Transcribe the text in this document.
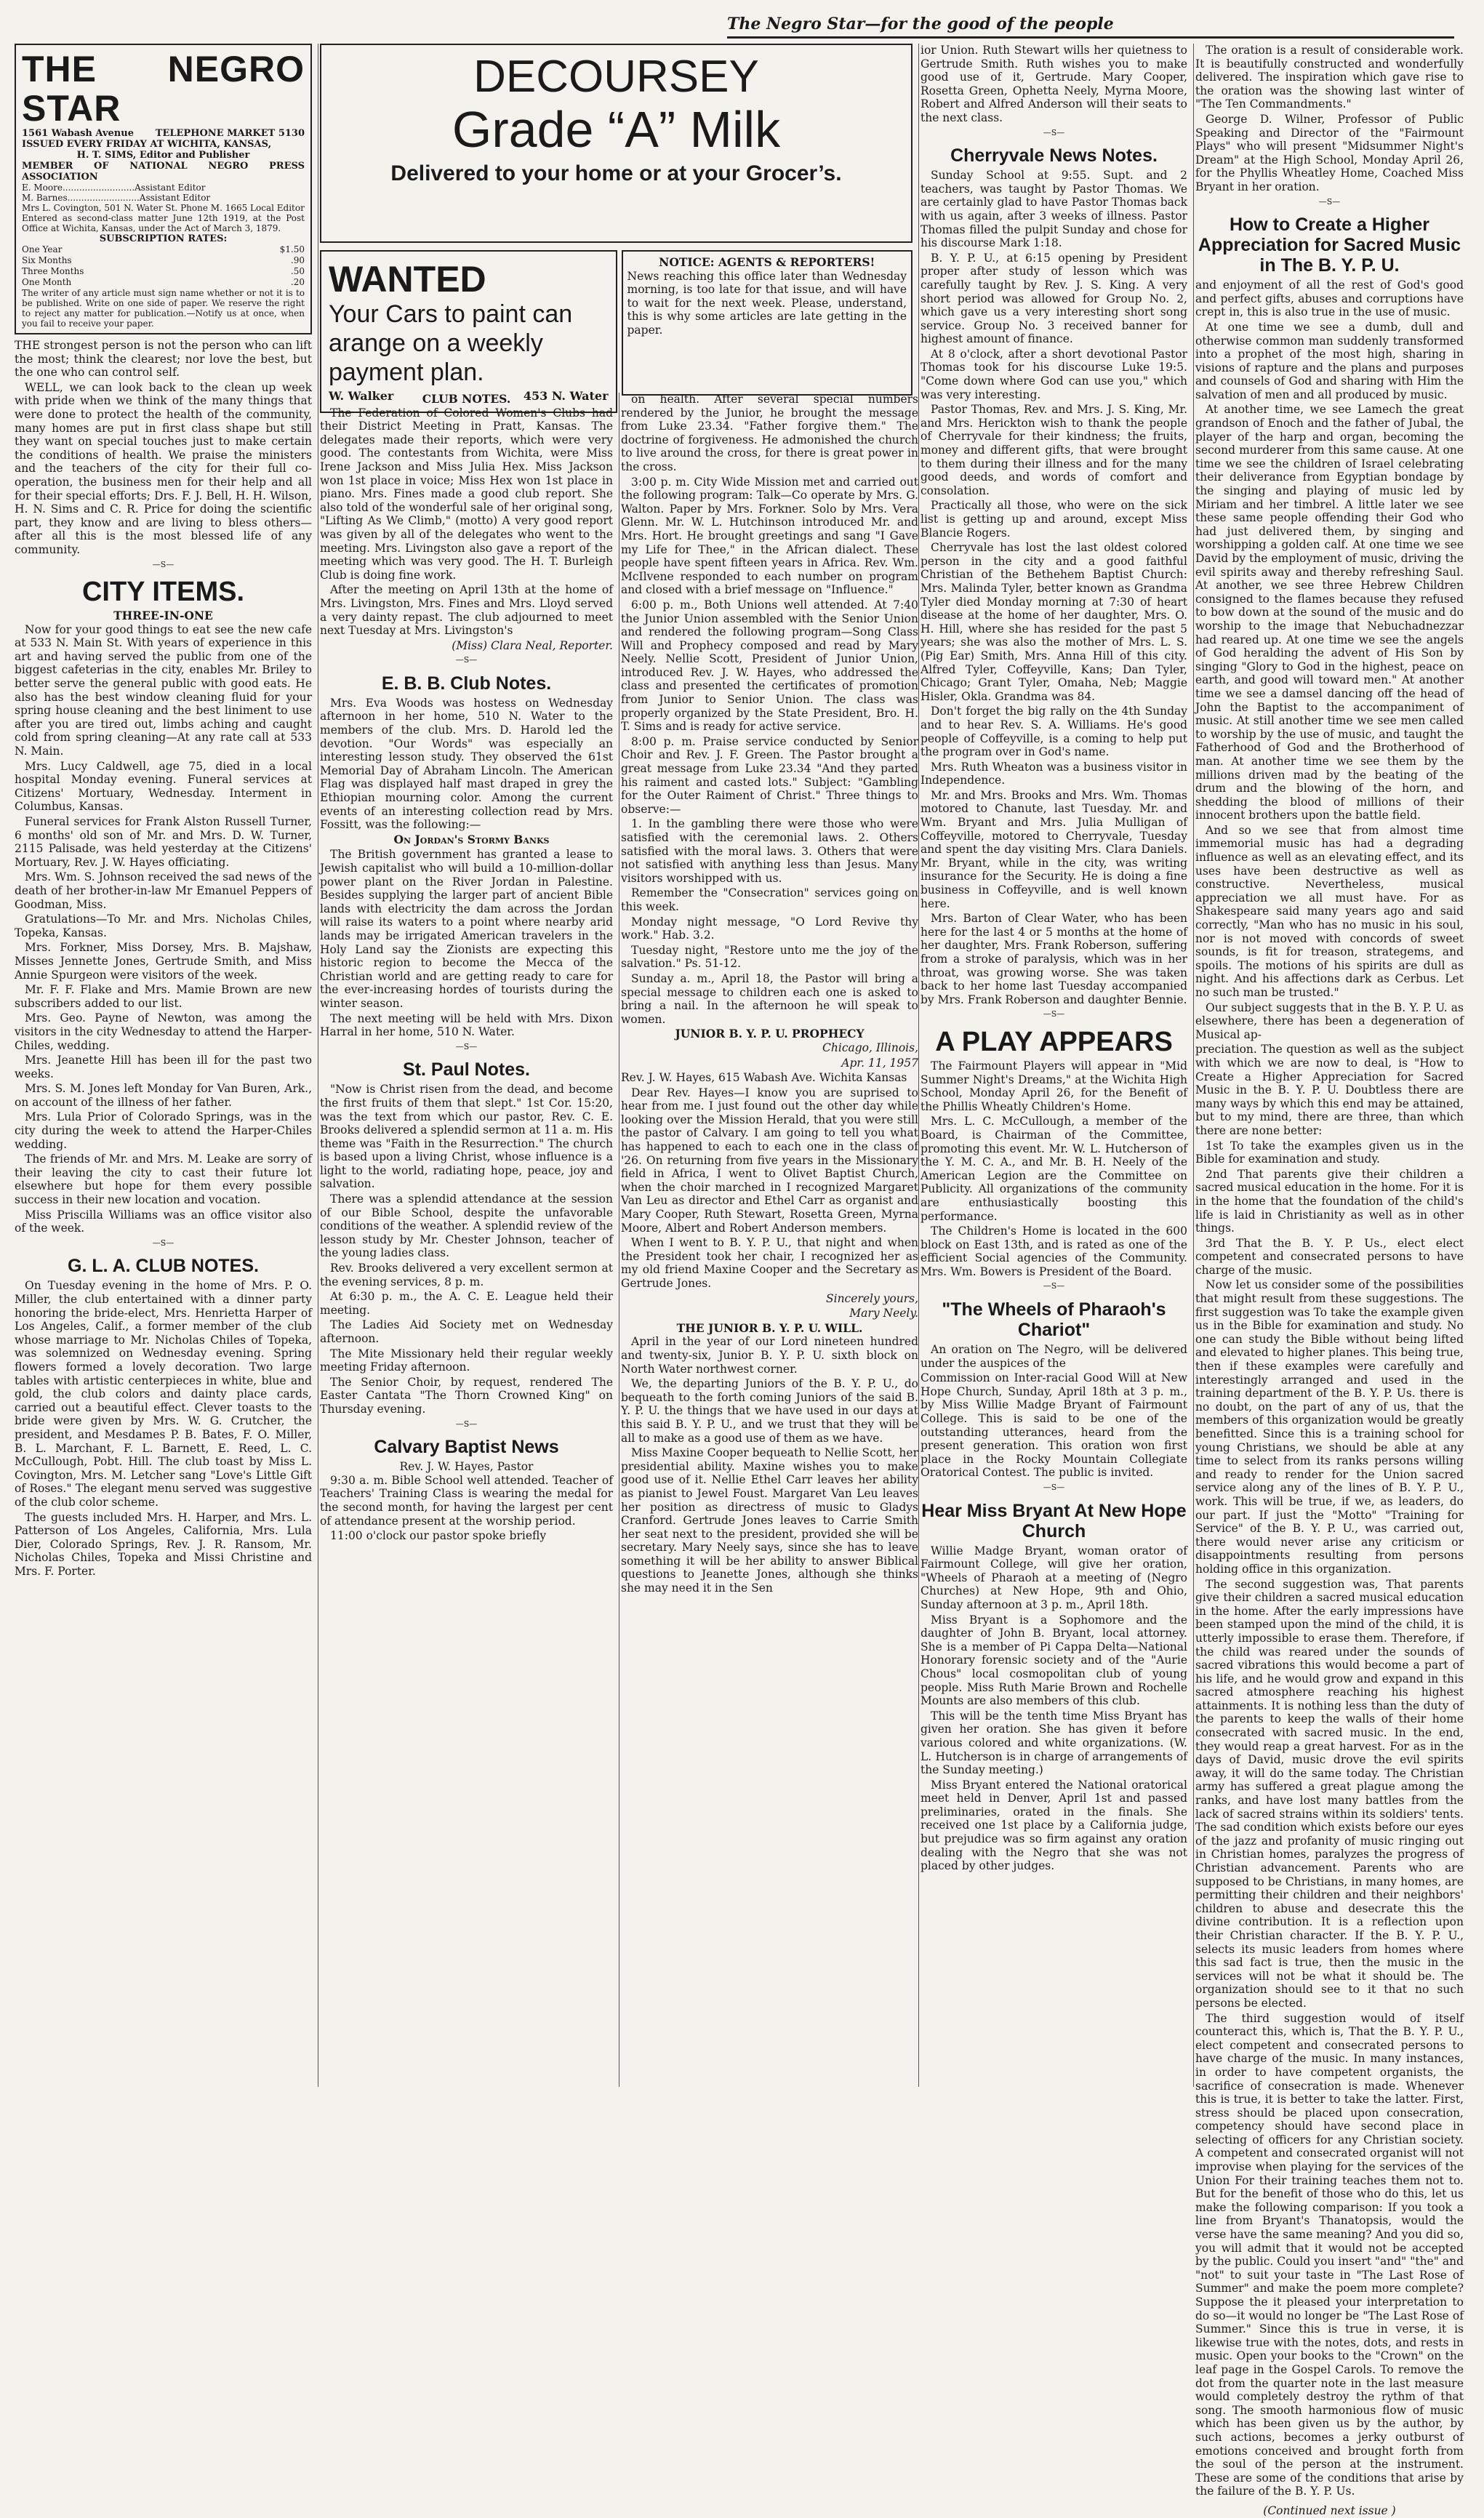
The Negro Star—for the good of the people
THE NEGRO STAR
1561 Wabash Avenue TELEPHONE MARKET 5130
ISSUED EVERY FRIDAY AT WICHITA, KANSAS,
H. T. SIMS, Editor and Publisher
MEMBER OF NATIONAL NEGRO PRESS ASSOCIATION
E. Moore..........................Assistant Editor
M. Barnes..........................Assistant Editor
Mrs L. Covington, 501 N. Water St. Phone M. 1665 Local Editor
Entered as second-class matter June 12th 1919, at the Post Office at Wichita, Kansas, under the Act of March 3, 1879.
SUBSCRIPTION RATES:
One Year	$1.50
Six Months	.90
Three Months	.50
One Month	.20
The writer of any article must sign name whether or not it is to be published. Write on one side of paper. We reserve the right to reject any matter for publication.—Notify us at once, when you fail to receive your paper.

THE strongest person is not the person who can lift the most; think the clearest; nor love the best, but the one who can control self.

WELL, we can look back to the clean up week with pride when we think of the many things that were done to protect the health of the community, many homes are put in first class shape but still they want on special touches just to make certain the conditions of health. We praise the ministers and the teachers of the city for their full co-operation, the business men for their help and all for their special efforts; Drs. F. J. Bell, H. H. Wilson, H. N. Sims and C. R. Price for doing the scientific part, they know and are living to bless others—after all this is the most blessed life of any community.

—S—
CITY ITEMS.
THREE-IN-ONE

Now for your good things to eat see the new cafe at 533 N. Main St. With years of experience in this art and having served the public from one of the biggest cafeterias in the city, enables Mr. Briley to better serve the general public with good eats. He also has the best window cleaning fluid for your spring house cleaning and the best liniment to use after you are tired out, limbs aching and caught cold from spring cleaning—At any rate call at 533 N. Main.

Mrs. Lucy Caldwell, age 75, died in a local hospital Monday evening. Funeral services at Citizens' Mortuary, Wednesday. Interment in Columbus, Kansas.

Funeral services for Frank Alston Russell Turner, 6 months' old son of Mr. and Mrs. D. W. Turner, 2115 Palisade, was held yesterday at the Citizens' Mortuary, Rev. J. W. Hayes officiating.

Mrs. Wm. S. Johnson received the sad news of the death of her brother-in-law Mr Emanuel Peppers of Goodman, Miss.

Gratulations—To Mr. and Mrs. Nicholas Chiles, Topeka, Kansas.

Mrs. Forkner, Miss Dorsey, Mrs. B. Majshaw, Misses Jennette Jones, Gertrude Smith, and Miss Annie Spurgeon were visitors of the week.

Mr. F. F. Flake and Mrs. Mamie Brown are new subscribers added to our list.

Mrs. Geo. Payne of Newton, was among the visitors in the city Wednesday to attend the Harper-Chiles, wedding.

Mrs. Jeanette Hill has been ill for the past two weeks.

Mrs. S. M. Jones left Monday for Van Buren, Ark., on account of the illness of her father.

Mrs. Lula Prior of Colorado Springs, was in the city during the week to attend the Harper-Chiles wedding.

The friends of Mr. and Mrs. M. Leake are sorry of their leaving the city to cast their future lot elsewhere but hope for them every possible success in their new location and vocation.

Miss Priscilla Williams was an office visitor also of the week.

—S—
G. L. A. CLUB NOTES.

On Tuesday evening in the home of Mrs. P. O. Miller, the club entertained with a dinner party honoring the bride-elect, Mrs. Henrietta Harper of Los Angeles, Calif., a former member of the club whose marriage to Mr. Nicholas Chiles of Topeka, was solemnized on Wednesday evening. Spring flowers formed a lovely decoration. Two large tables with artistic centerpieces in white, blue and gold, the club colors and dainty place cards, carried out a beautiful effect. Clever toasts to the bride were given by Mrs. W. G. Crutcher, the president, and Mesdames P. B. Bates, F. O. Miller, B. L. Marchant, F. L. Barnett, E. Reed, L. C. McCullough, Pobt. Hill. The club toast by Miss L. Covington, Mrs. M. Letcher sang "Love's Little Gift of Roses." The elegant menu served was suggestive of the club color scheme.

The guests included Mrs. H. Harper, and Mrs. L. Patterson of Los Angeles, California, Mrs. Lula Dier, Colorado Springs, Rev. J. R. Ransom, Mr. Nicholas Chiles, Topeka and Missi Christine and Mrs. F. Porter.

DECOURSEY
Grade “A” Milk
Delivered to your home or at your Grocer’s.
WANTED
Your Cars to paint can arange on a weekly payment plan.
W. Walker	453 N. Water
NOTICE: AGENTS & REPORTERS!

News reaching this office later than Wednesday morning, is too late for that issue, and will have to wait for the next week. Please, understand, this is why some articles are late getting in the paper.

CLUB NOTES.

The Federation of Colored Women's Clubs had their District Meeting in Pratt, Kansas. The delegates made their reports, which were very good. The contestants from Wichita, were Miss Irene Jackson and Miss Julia Hex. Miss Jackson won 1st place in voice; Miss Hex won 1st place in piano. Mrs. Fines made a good club report. She also told of the wonderful sale of her original song, "Lifting As We Climb," (motto) A very good report was given by all of the delegates who went to the meeting. Mrs. Livingston also gave a report of the meeting which was very good. The H. T. Burleigh Club is doing fine work.

After the meeting on April 13th at the home of Mrs. Livingston, Mrs. Fines and Mrs. Lloyd served a very dainty repast. The club adjourned to meet next Tuesday at Mrs. Livingston's

(Miss) Clara Neal, Reporter.

—S—
E. B. B. Club Notes.

Mrs. Eva Woods was hostess on Wednesday afternoon in her home, 510 N. Water to the members of the club. Mrs. D. Harold led the devotion. "Our Words" was especially an interesting lesson study. They observed the 61st Memorial Day of Abraham Lincoln. The American Flag was displayed half mast draped in grey the Ethiopian mourning color. Among the current events of an interesting collection read by Mrs. Fossitt, was the following:—

On Jordan's Stormy Banks

The British government has granted a lease to Jewish capitalist who will build a 10-million-dollar power plant on the River Jordan in Palestine. Besides supplying the larger part of ancient Bible lands with electricity the dam across the Jordan will raise its waters to a point where nearby arid lands may be irrigated American travelers in the Holy Land say the Zionists are expecting this historic region to become the Mecca of the Christian world and are getting ready to care for the ever-increasing hordes of tourists during the winter season.

The next meeting will be held with Mrs. Dixon Harral in her home, 510 N. Water.

—S—
St. Paul Notes.

"Now is Christ risen from the dead, and become the first fruits of them that slept." 1st Cor. 15:20, was the text from which our pastor, Rev. C. E. Brooks delivered a splendid sermon at 11 a. m. His theme was "Faith in the Resurrection." The church is based upon a living Christ, whose influence is a light to the world, radiating hope, peace, joy and salvation.

There was a splendid attendance at the session of our Bible School, despite the unfavorable conditions of the weather. A splendid review of the lesson study by Mr. Chester Johnson, teacher of the young ladies class.

Rev. Brooks delivered a very excellent sermon at the evening services, 8 p. m.

At 6:30 p. m., the A. C. E. League held their meeting.

The Ladies Aid Society met on Wednesday afternoon.

The Mite Missionary held their regular weekly meeting Friday afternoon.

The Senior Choir, by request, rendered The Easter Cantata "The Thorn Crowned King" on Thursday evening.

—S—
Calvary Baptist News
Rev. J. W. Hayes, Pastor

9:30 a. m. Bible School well attended. Teacher of Teachers' Training Class is wearing the medal for the second month, for having the largest per cent of attendance present at the worship period.

11:00 o'clock our pastor spoke briefly

on health. After several special numbers rendered by the Junior, he brought the message from Luke 23.34. "Father forgive them." The doctrine of forgiveness. He admonished the church to live around the cross, for there is great power in the cross.

3:00 p. m. City Wide Mission met and carried out the following program: Talk—Co operate by Mrs. G. Walton. Paper by Mrs. Forkner. Solo by Mrs. Vera Glenn. Mr. W. L. Hutchinson introduced Mr. and Mrs. Hort. He brought greetings and sang "I Gave my Life for Thee," in the African dialect. These people have spent fifteen years in Africa. Rev. Wm. McIlvene responded to each number on program and closed with a brief message on "Influence."

6:00 p. m., Both Unions well attended. At 7:40 the Junior Union assembled with the Senior Union and rendered the following program—Song Class Will and Prophecy composed and read by Mary Neely. Nellie Scott, President of Junior Union, introduced Rev. J. W. Hayes, who addressed the class and presented the certificates of promotion from Junior to Senior Union. The class was properly organized by the State President, Bro. H. T. Sims and is ready for active service.

8:00 p. m. Praise service conducted by Senior Choir and Rev. J. F. Green. The Pastor brought a great message from Luke 23.34 "And they parted his raiment and casted lots." Subject: "Gambling for the Outer Raiment of Christ." Three things to observe:—

1. In the gambling there were those who were satisfied with the ceremonial laws. 2. Others satisfied with the moral laws. 3. Others that were not satisfied with anything less than Jesus. Many visitors worshipped with us.

Remember the "Consecration" services going on this week.

Monday night message, "O Lord Revive thy work." Hab. 3.2.

Tuesday night, "Restore unto me the joy of the salvation." Ps. 51-12.

Sunday a. m., April 18, the Pastor will bring a special message to children each one is asked to bring a nail. In the afternoon he will speak to women.

JUNIOR B. Y. P. U. PROPHECY

Chicago, Illinois,

Apr. 11, 1957

Rev. J. W. Hayes, 615 Wabash Ave. Wichita Kansas

Dear Rev. Hayes—I know you are suprised to hear from me. I just found out the other day while looking over the Mission Herald, that you were still the pastor of Calvary. I am going to tell you what has happened to each to each one in the class of '26. On returning from five years in the Missionary field in Africa, I went to Olivet Baptist Church, when the choir marched in I recognized Margaret Van Leu as director and Ethel Carr as organist and Mary Cooper, Ruth Stewart, Rosetta Green, Myrna Moore, Albert and Robert Anderson members.

When I went to B. Y. P. U., that night and when the President took her chair, I recognized her as my old friend Maxine Cooper and the Secretary as Gertrude Jones.

Sincerely yours,

Mary Neely.

THE JUNIOR B. Y. P. U. WILL.

April in the year of our Lord nineteen hundred and twenty-six, Junior B. Y. P. U. sixth block on North Water northwest corner.

We, the departing Juniors of the B. Y. P. U., do bequeath to the forth coming Juniors of the said B. Y. P. U. the things that we have used in our days at this said B. Y. P. U., and we trust that they will be all to make as a good use of them as we have.

Miss Maxine Cooper bequeath to Nellie Scott, her presidential ability. Maxine wishes you to make good use of it. Nellie Ethel Carr leaves her ability as pianist to Jewel Foust. Margaret Van Leu leaves her position as directress of music to Gladys Cranford. Gertrude Jones leaves to Carrie Smith her seat next to the president, provided she will be secretary. Mary Neely says, since she has to leave something it will be her ability to answer Biblical questions to Jeanette Jones, although she thinks she may need it in the Sen

ior Union. Ruth Stewart wills her quietness to Gertrude Smith. Ruth wishes you to make good use of it, Gertrude. Mary Cooper, Rosetta Green, Ophetta Neely, Myrna Moore, Robert and Alfred Anderson will their seats to the next class.

—S—
Cherryvale News Notes.

Sunday School at 9:55. Supt. and 2 teachers, was taught by Pastor Thomas. We are certainly glad to have Pastor Thomas back with us again, after 3 weeks of illness. Pastor Thomas filled the pulpit Sunday and chose for his discourse Mark 1:18.

B. Y. P. U., at 6:15 opening by President proper after study of lesson which was carefully taught by Rev. J. S. King. A very short period was allowed for Group No. 2, which gave us a very interesting short song service. Group No. 3 received banner for highest amount of finance.

At 8 o'clock, after a short devotional Pastor Thomas took for his discourse Luke 19:5. "Come down where God can use you," which was very interesting.

Pastor Thomas, Rev. and Mrs. J. S. King, Mr. and Mrs. Herickton wish to thank the people of Cherryvale for their kindness; the fruits, money and different gifts, that were brought to them during their illness and for the many good deeds, and words of comfort and consolation.

Practically all those, who were on the sick list is getting up and around, except Miss Blancie Rogers.

Cherryvale has lost the last oldest colored person in the city and a good faithful Christian of the Bethehem Baptist Church: Mrs. Malinda Tyler, better known as Grandma Tyler died Monday morning at 7:30 of heart disease at the home of her daughter, Mrs. O. H. Hill, where she has resided for the past 5 years; she was also the mother of Mrs. L. S. (Pig Ear) Smith, Mrs. Anna Hill of this city. Alfred Tyler, Coffeyville, Kans; Dan Tyler, Chicago; Grant Tyler, Omaha, Neb; Maggie Hisler, Okla. Grandma was 84.

Don't forget the big rally on the 4th Sunday and to hear Rev. S. A. Williams. He's good people of Coffeyville, is a coming to help put the program over in God's name.

Mrs. Ruth Wheaton was a business visitor in Independence.

Mr. and Mrs. Brooks and Mrs. Wm. Thomas motored to Chanute, last Tuesday. Mr. and Wm. Bryant and Mrs. Julia Mulligan of Coffeyville, motored to Cherryvale, Tuesday and spent the day visiting Mrs. Clara Daniels. Mr. Bryant, while in the city, was writing insurance for the Security. He is doing a fine business in Coffeyville, and is well known here.

Mrs. Barton of Clear Water, who has been here for the last 4 or 5 months at the home of her daughter, Mrs. Frank Roberson, suffering from a stroke of paralysis, which was in her throat, was growing worse. She was taken back to her home last Tuesday accompanied by Mrs. Frank Roberson and daughter Bennie.

—S—
A PLAY APPEARS

The Fairmount Players will appear in "Mid Summer Night's Dreams," at the Wichita High School, Monday April 26, for the Benefit of the Phillis Wheatly Children's Home.

Mrs. L. C. McCullough, a member of the Board, is Chairman of the Committee, promoting this event. Mr. W. L. Hutcherson of the Y. M. C. A., and Mr. B. H. Neely of the American Legion are the Committee on Publicity. All organizations of the community are enthusiastically boosting this performance.

The Children's Home is located in the 600 block on East 13th, and is rated as one of the efficient Social agencies of the Community. Mrs. Wm. Bowers is President of the Board.

—S—
"The Wheels of Pharaoh's Chariot"

An oration on The Negro, will be delivered under the auspices of the

Commission on Inter-racial Good Will at New Hope Church, Sunday, April 18th at 3 p. m., by Miss Willie Madge Bryant of Fairmount College. This is said to be one of the outstanding utterances, heard from the present generation. This oration won first place in the Rocky Mountain Collegiate Oratorical Contest. The public is invited.

—S—
Hear Miss Bryant At New Hope Church

Willie Madge Bryant, woman orator of Fairmount College, will give her oration, "Wheels of Pharaoh at a meeting of (Negro Churches) at New Hope, 9th and Ohio, Sunday afternoon at 3 p. m., April 18th.

Miss Bryant is a Sophomore and the daughter of John B. Bryant, local attorney. She is a member of Pi Cappa Delta—National Honorary forensic society and of the "Aurie Chous" local cosmopolitan club of young people. Miss Ruth Marie Brown and Rochelle Mounts are also members of this club.

This will be the tenth time Miss Bryant has given her oration. She has given it before various colored and white organizations. (W. L. Hutcherson is in charge of arrangements of the Sunday meeting.)

Miss Bryant entered the National oratorical meet held in Denver, April 1st and passed preliminaries, orated in the finals. She received one 1st place by a California judge, but prejudice was so firm against any oration dealing with the Negro that she was not placed by other judges.

The oration is a result of considerable work. It is beautifully constructed and wonderfully delivered. The inspiration which gave rise to the oration was the showing last winter of "The Ten Commandments."

George D. Wilner, Professor of Public Speaking and Director of the "Fairmount Plays" who will present "Midsummer Night's Dream" at the High School, Monday April 26, for the Phyllis Wheatley Home, Coached Miss Bryant in her oration.

—S—
How to Create a Higher Appreciation for Sacred Music in The B. Y. P. U.

and enjoyment of all the rest of God's good and perfect gifts, abuses and corruptions have crept in, this is also true in the use of music.

At one time we see a dumb, dull and otherwise common man suddenly transformed into a prophet of the most high, sharing in visions of rapture and the plans and purposes and counsels of God and sharing with Him the salvation of men and all produced by music.

At another time, we see Lamech the great grandson of Enoch and the father of Jubal, the player of the harp and organ, becoming the second murderer from this same cause. At one time we see the children of Israel celebrating their deliverance from Egyptian bondage by the singing and playing of music led by Miriam and her timbrel. A little later we see these same people offending their God who had just delivered them, by singing and worshipping a golden calf. At one time we see David by the employment of music, driving the evil spirits away and thereby refreshing Saul. At another, we see three Hebrew Children consigned to the flames because they refused to bow down at the sound of the music and do worship to the image that Nebuchadnezzar had reared up. At one time we see the angels of God heralding the advent of His Son by singing "Glory to God in the highest, peace on earth, and good will toward men." At another time we see a damsel dancing off the head of John the Baptist to the accompaniment of music. At still another time we see men called to worship by the use of music, and taught the Fatherhood of God and the Brotherhood of man. At another time we see them by the millions driven mad by the beating of the drum and the blowing of the horn, and shedding the blood of millions of their innocent brothers upon the battle field.

And so we see that from almost time immemorial music has had a degrading influence as well as an elevating effect, and its uses have been destructive as well as constructive. Nevertheless, musical appreciation we all must have. For as Shakespeare said many years ago and said correctly, "Man who has no music in his soul, nor is not moved with concords of sweet sounds, is fit for treason, strategems, and spoils. The motions of his spirits are dull as night. And his affections dark as Cerbus. Let no such man be trusted."

Our subject suggests that in the B. Y. P. U. as elsewhere, there has been a degeneration of Musical ap-

preciation. The question as well as the subject with which we are now to deal, is "How to Create a Higher Appreciation for Sacred Music in the B. Y. P. U. Doubtless there are many ways by which this end may be attained, but to my mind, there are three, than which there are none better:

1st To take the examples given us in the Bible for examination and study.

2nd That parents give their children a sacred musical education in the home. For it is in the home that the foundation of the child's life is laid in Christianity as well as in other things.

3rd That the B. Y. P. Us., elect elect competent and consecrated persons to have charge of the music.

Now let us consider some of the possibilities that might result from these suggestions. The first suggestion was To take the example given us in the Bible for examination and study. No one can study the Bible without being lifted and elevated to higher planes. This being true, then if these examples were carefully and interestingly arranged and used in the training department of the B. Y. P. Us. there is no doubt, on the part of any of us, that the members of this organization would be greatly benefitted. Since this is a training school for young Christians, we should be able at any time to select from its ranks persons willing and ready to render for the Union sacred service along any of the lines of B. Y. P. U., work. This will be true, if we, as leaders, do our part. If just the "Motto" "Training for Service" of the B. Y. P. U., was carried out, there would never arise any criticism or disappointments resulting from persons holding office in this organization.

The second suggestion was, That parents give their children a sacred musical education in the home. After the early impressions have been stamped upon the mind of the child, it is utterly impossible to erase them. Therefore, if the child was reared under the sounds of sacred vibrations this would become a part of his life, and he would grow and expand in this sacred atmosphere reaching his highest attainments. It is nothing less than the duty of the parents to keep the walls of their home consecrated with sacred music. In the end, they would reap a great harvest. For as in the days of David, music drove the evil spirits away, it will do the same today. The Christian army has suffered a great plague among the ranks, and have lost many battles from the lack of sacred strains within its soldiers' tents. The sad condition which exists before our eyes of the jazz and profanity of music ringing out in Christian homes, paralyzes the progress of Christian advancement. Parents who are supposed to be Christians, in many homes, are permitting their children and their neighbors' children to abuse and desecrate this the divine contribution. It is a reflection upon their Christian character. If the B. Y. P. U., selects its music leaders from homes where this sad fact is true, then the music in the services will not be what it should be. The organization should see to it that no such persons be elected.

The third suggestion would of itself counteract this, which is, That the B. Y. P. U., elect competent and consecrated persons to have charge of the music. In many instances, in order to have competent organists, the sacrifice of consecration is made. Whenever this is true, it is better to take the latter. First, stress should be placed upon consecration, competency should have second place in selecting of officers for any Christian society. A competent and consecrated organist will not improvise when playing for the services of the Union For their training teaches them not to. But for the benefit of those who do this, let us make the following comparison: If you took a line from Bryant's Thanatopsis, would the verse have the same meaning? And you did so, you will admit that it would not be accepted by the public. Could you insert "and" "the" and "not" to suit your taste in "The Last Rose of Summer" and make the poem more complete? Suppose the it pleased your interpretation to do so—it would no longer be "The Last Rose of Summer." Since this is true in verse, it is likewise true with the notes, dots, and rests in music. Open your books to the "Crown" on the leaf page in the Gospel Carols. To remove the dot from the quarter note in the last measure would completely destroy the rythm of that song. The smooth harmonious flow of music which has been given us by the author, by such actions, becomes a jerky outburst of emotions conceived and brought forth from the soul of the person at the instrument. These are some of the conditions that arise by the failure of the B. Y. P. Us.

(Continued next issue )
